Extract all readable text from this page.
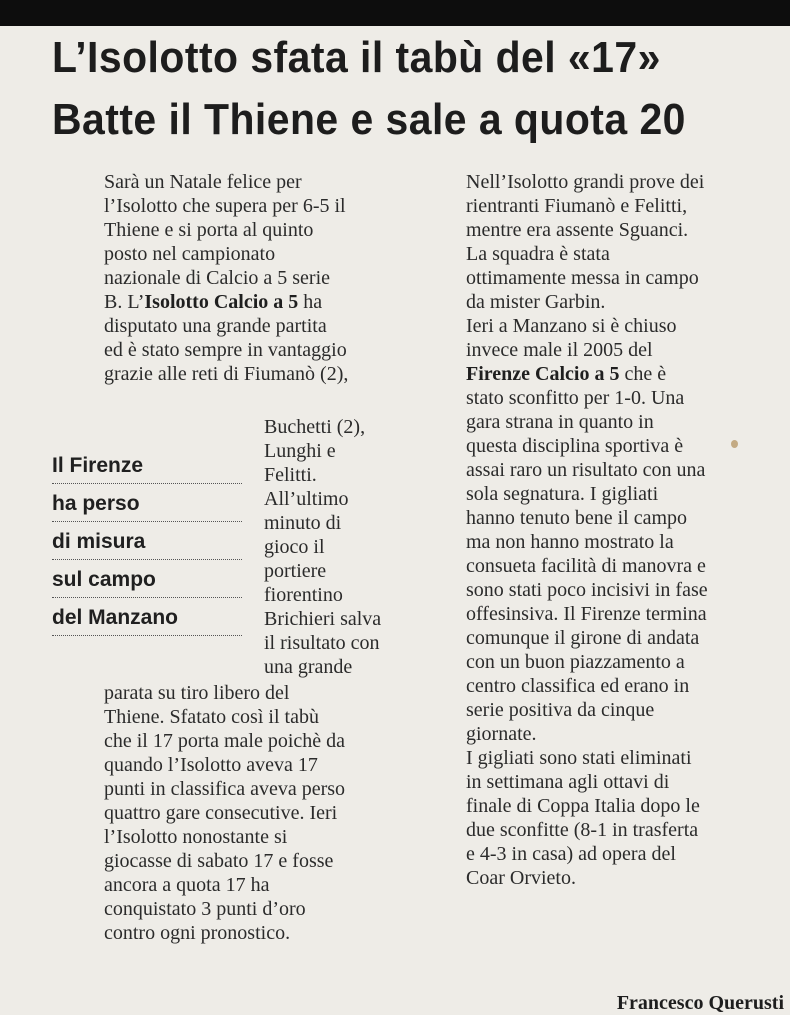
L’Isolotto sfata il tabù del «17»
Batte il Thiene e sale a quota 20
Sarà un Natale felice per
l’Isolotto che supera per 6-5 il
Thiene e si porta al quinto
posto nel campionato
nazionale di Calcio a 5 serie
B. L’Isolotto Calcio a 5 ha
disputato una grande partita
ed è stato sempre in vantaggio
grazie alle reti di Fiumanò (2),
Il Firenze
ha perso
di misura
sul campo
del Manzano
Buchetti (2),
Lunghi e
Felitti.
All’ultimo
minuto di
gioco il
portiere
fiorentino
Brichieri salva
il risultato con
una grande
parata su tiro libero del
Thiene. Sfatato così il tabù
che il 17 porta male poichè da
quando l’Isolotto aveva 17
punti in classifica aveva perso
quattro gare consecutive. Ieri
l’Isolotto nonostante si
giocasse di sabato 17 e fosse
ancora a quota 17 ha
conquistato 3 punti d’oro
contro ogni pronostico.
Nell’Isolotto grandi prove dei
rientranti Fiumanò e Felitti,
mentre era assente Sguanci.
La squadra è stata
ottimamente messa in campo
da mister Garbin.
Ieri a Manzano si è chiuso
invece male il 2005 del
Firenze Calcio a 5 che è
stato sconfitto per 1-0. Una
gara strana in quanto in
questa disciplina sportiva è
assai raro un risultato con una
sola segnatura. I gigliati
hanno tenuto bene il campo
ma non hanno mostrato la
consueta facilità di manovra e
sono stati poco incisivi in fase
offesinsiva. Il Firenze termina
comunque il girone di andata
con un buon piazzamento a
centro classifica ed erano in
serie positiva da cinque
giornate.
I gigliati sono stati eliminati
in settimana agli ottavi di
finale di Coppa Italia dopo le
due sconfitte (8-1 in trasferta
e 4-3 in casa) ad opera del
Coar Orvieto.
Francesco Querusti
